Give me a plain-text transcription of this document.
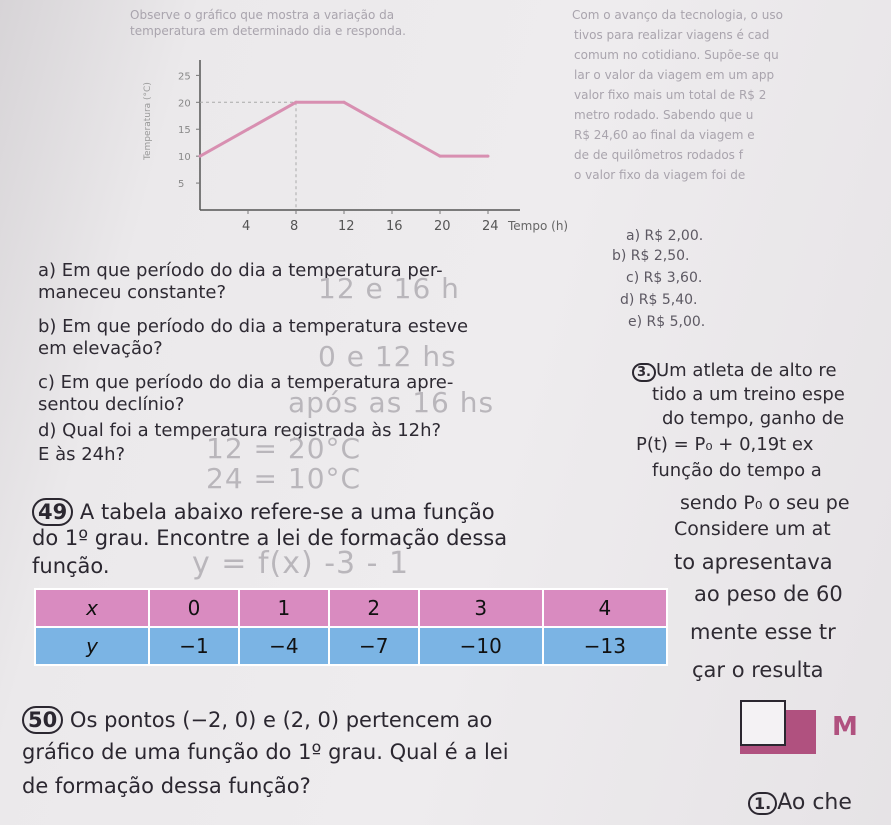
Observe o gráfico que mostra a variação da
temperatura em determinado dia e responda.
Com o avanço da tecnologia, o uso
tivos para realizar viagens é cad
comum no cotidiano. Supõe-se qu
lar o valor da viagem em um app
valor fixo mais um total de R$ 2
metro rodado. Sabendo que u
R$ 24,60 ao final da viagem e
de de quilômetros rodados f
o valor fixo da viagem foi de
5
10
15
20
25
4	8	12 16 20 24 Tempo (h)
Temperatura (°C)
a) R$ 2,00.
b) R$ 2,50.
c) R$ 3,60.
d) R$ 5,40.
e) R$ 5,00.
a) Em que período do dia a temperatura per-
maneceu constante?	12 e 16 h
b) Em que período do dia a temperatura esteve
em elevação?	0 e 12 hs
c) Em que período do dia a temperatura apre-
sentou declínio?	após as 16 hs
d) Qual foi a temperatura registrada às 12h?
E às 24h?	12 = 20°C
24 = 10°C
3. Um atleta de alto re
tido a um treino espe
do tempo, ganho de
P(t) = P₀ + 0,19t ex
função do tempo a
sendo P₀ o seu pe
Considere um at
to apresentava
ao peso de 60
mente esse tr
çar o resulta
49 A tabela abaixo refere-se a uma função
do 1º grau. Encontre a lei de formação dessa
função.	y = f(x) -3 - 1
x	0	1	2	3	4
y	−1	−4	−7	−10	−13
50 Os pontos (−2, 0) e (2, 0) pertencem ao
gráfico de uma função do 1º grau. Qual é a lei
de formação dessa função?
M
1. Ao che
